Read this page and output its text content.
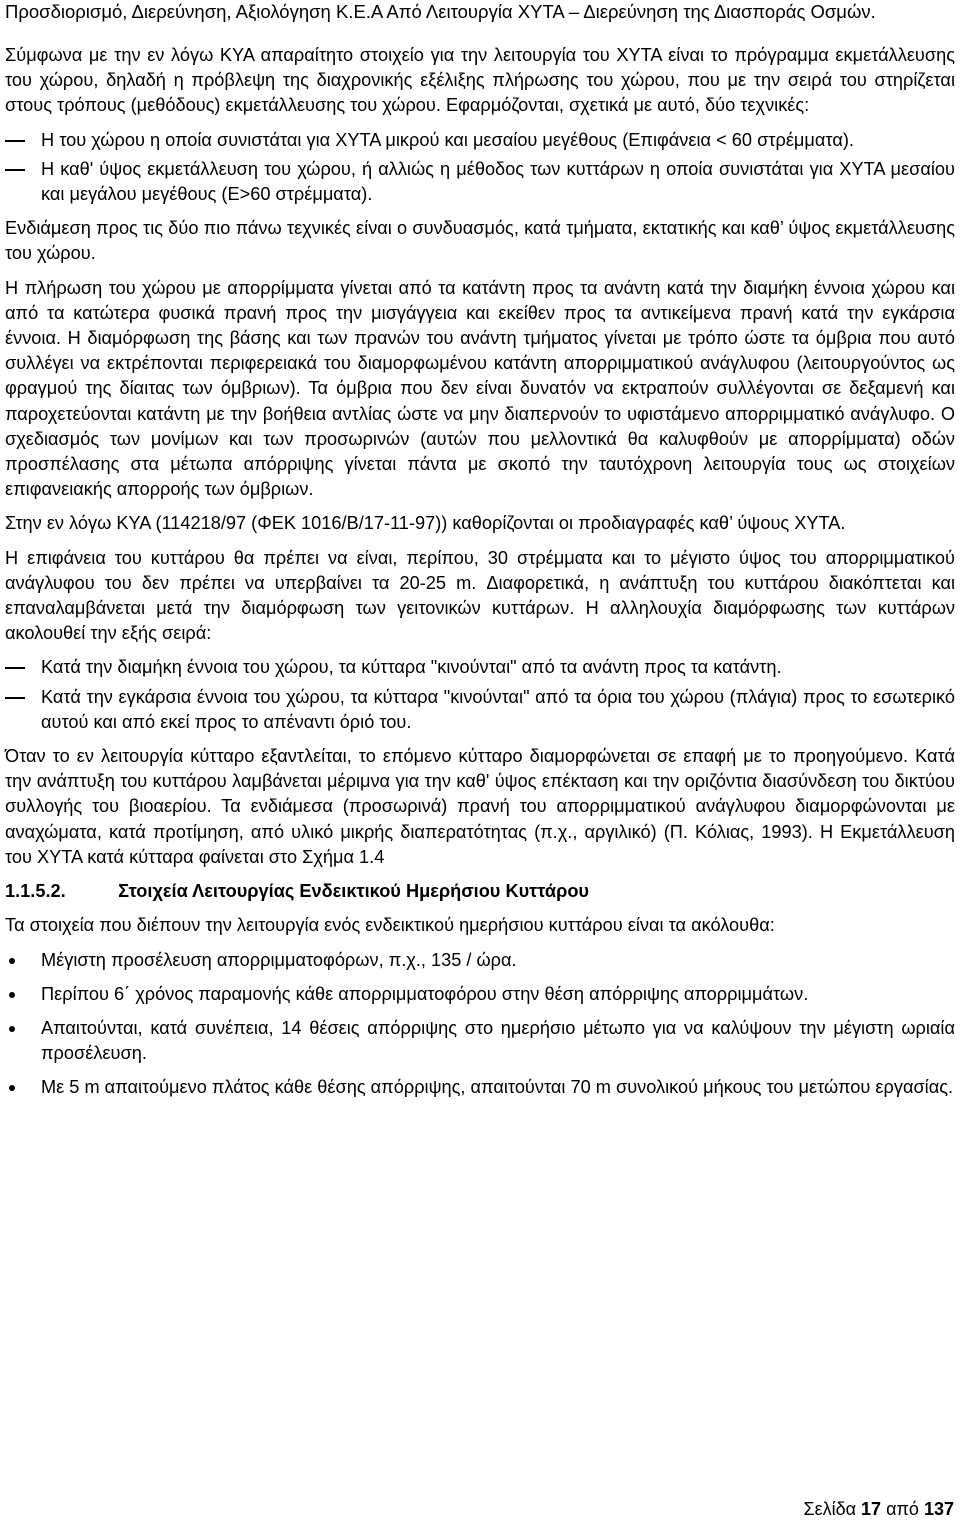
Προσδιορισμό, Διερεύνηση, Αξιολόγηση Κ.Ε.Α Από Λειτουργία ΧΥΤΑ – Διερεύνηση της Διασποράς Οσμών.

Σύμφωνα με την εν λόγω ΚΥΑ απαραίτητο στοιχείο για την λειτουργία του ΧΥΤΑ είναι το πρόγραμμα εκμετάλλευσης του χώρου, δηλαδή η πρόβλεψη της διαχρονικής εξέλιξης πλήρωσης του χώρου, που με την σειρά του στηρίζεται στους τρόπους (μεθόδους) εκμετάλλευσης του χώρου. Εφαρμόζονται, σχετικά με αυτό, δύο τεχνικές:

Η του χώρου η οποία συνιστάται για ΧΥΤΑ μικρού και μεσαίου μεγέθους (Επιφάνεια < 60 στρέμματα).
Η καθ' ύψος εκμετάλλευση του χώρου, ή αλλιώς η μέθοδος των κυττάρων η οποία συνιστάται για ΧΥΤΑ μεσαίου και μεγάλου μεγέθους (Ε>60 στρέμματα).

Ενδιάμεση προς τις δύο πιο πάνω τεχνικές είναι ο συνδυασμός, κατά τμήματα, εκτατικής και καθ’ ύψος εκμετάλλευσης του χώρου.

Η πλήρωση του χώρου με απορρίμματα γίνεται από τα κατάντη προς τα ανάντη κατά την διαμήκη έννοια χώρου και από τα κατώτερα φυσικά πρανή προς την μισγάγγεια και εκείθεν προς τα αντικείμενα πρανή κατά την εγκάρσια έννοια. Η διαμόρφωση της βάσης και των πρανών του ανάντη τμήματος γίνεται με τρόπο ώστε τα όμβρια που αυτό συλλέγει να εκτρέπονται περιφερειακά του διαμορφωμένου κατάντη απορριμματικού ανάγλυφου (λειτουργούντος ως φραγμού της δίαιτας των όμβριων). Τα όμβρια που δεν είναι δυνατόν να εκτραπούν συλλέγονται σε δεξαμενή και παροχετεύονται κατάντη με την βοήθεια αντλίας ώστε να μην διαπερνούν το υφιστάμενο απορριμματικό ανάγλυφο. Ο σχεδιασμός των μονίμων και των προσωρινών (αυτών που μελλοντικά θα καλυφθούν με απορρίμματα) οδών προσπέλασης στα μέτωπα απόρριψης γίνεται πάντα με σκοπό την ταυτόχρονη λειτουργία τους ως στοιχείων επιφανειακής απορροής των όμβριων.

Στην εν λόγω ΚΥΑ (114218/97 (ΦΕΚ 1016/Β/17-11-97)) καθορίζονται οι προδιαγραφές καθ’ ύψους ΧΥΤΑ.

Η επιφάνεια του κυττάρου θα πρέπει να είναι, περίπου, 30 στρέμματα και το μέγιστο ύψος του απορριμματικού ανάγλυφου του δεν πρέπει να υπερβαίνει τα 20-25 m. Διαφορετικά, η ανάπτυξη του κυττάρου διακόπτεται και επαναλαμβάνεται μετά την διαμόρφωση των γειτονικών κυττάρων. Η αλληλουχία διαμόρφωσης των κυττάρων ακολουθεί την εξής σειρά:

Κατά την διαμήκη έννοια του χώρου, τα κύτταρα "κινούνται" από τα ανάντη προς τα κατάντη.
Κατά την εγκάρσια έννοια του χώρου, τα κύτταρα "κινούνται" από τα όρια του χώρου (πλάγια) προς το εσωτερικό αυτού και από εκεί προς το απέναντι όριό του.

Όταν το εν λειτουργία κύτταρο εξαντλείται, το επόμενο κύτταρο διαμορφώνεται σε επαφή με το προηγούμενο. Κατά την ανάπτυξη του κυττάρου λαμβάνεται μέριμνα για την καθ' ύψος επέκταση και την οριζόντια διασύνδεση του δικτύου συλλογής του βιοαερίου. Τα ενδιάμεσα (προσωρινά) πρανή του απορριμματικού ανάγλυφου διαμορφώνονται με αναχώματα, κατά προτίμηση, από υλικό μικρής διαπερατότητας (π.χ., αργιλικό) (Π. Κόλιας, 1993). Η Εκμετάλλευση του ΧΥΤΑ κατά κύτταρα φαίνεται στο Σχήμα 1.4

1.1.5.2.	Στοιχεία Λειτουργίας Ενδεικτικού Ημερήσιου Κυττάρου

Τα στοιχεία που διέπουν την λειτουργία ενός ενδεικτικού ημερήσιου κυττάρου είναι τα ακόλουθα:

Μέγιστη προσέλευση απορριμματοφόρων, π.χ., 135 / ώρα.
Περίπου 6΄ χρόνος παραμονής κάθε απορριμματοφόρου στην θέση απόρριψης απορριμμάτων.
Απαιτούνται, κατά συνέπεια, 14 θέσεις απόρριψης στο ημερήσιο μέτωπο για να καλύψουν την μέγιστη ωριαία προσέλευση.
Με 5 m απαιτούμενο πλάτος κάθε θέσης απόρριψης, απαιτούνται 70 m συνολικού μήκους του μετώπου εργασίας.
Σελίδα 17 από 137
